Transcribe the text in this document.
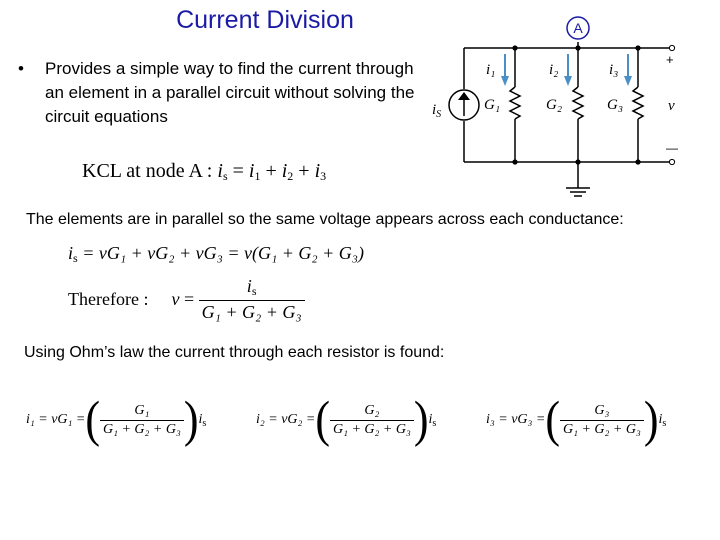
Current Division
• Provides a simple way to find the current through an element in a parallel circuit without solving the circuit equations
KCL at node A : $i_s = i_1 + i_2 + i_3$
The elements are in parallel so the same voltage appears across each conductance:
$i_s = vG_1 + vG_2 + vG_3 = v(G_1 + G_2 + G_3)$
Therefore : $v = \frac{i_s}{\text{G₁ + G₂ + G₃}}$
Using Ohm’s law the current through each resistor is found:
i₁ = vG₁ =( $\frac{\text{G₁}}{\text{G₁ + G₂ + G₃}} )i_s$	i₂ = vG₂ =( $\frac{\text{G₂}}{\text{G₁ + G₂ + G₃}} )i_s$	i₃ = vG₃ =( $\frac{\text{G₃}}{\text{G₁ + G₂ + G₃}} )i_s$
A
$i_S$
i₁	i₂	i₃
G₁	G₂	G₃
+
v
—
